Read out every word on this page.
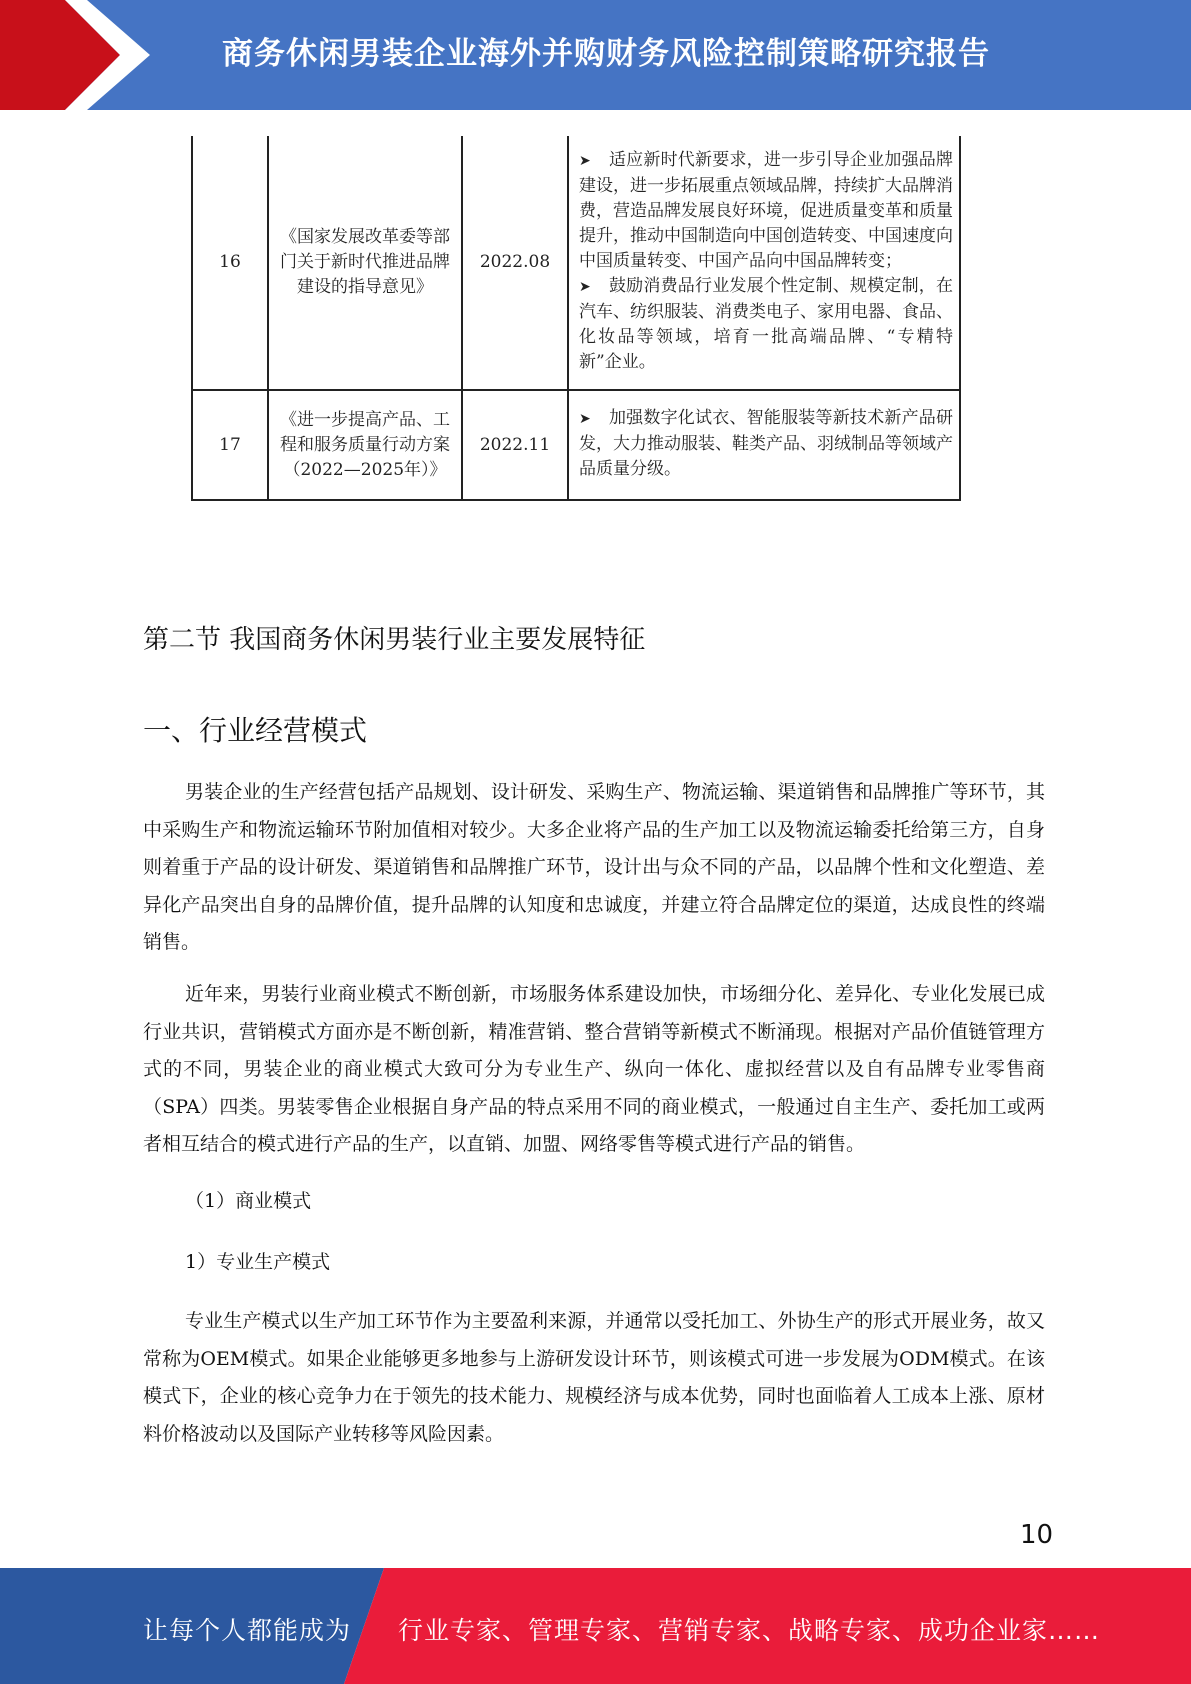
商务休闲男装企业海外并购财务风险控制策略研究报告
16	《国家发展改革委等部门关于新时代推进品牌建设的指导意见》	2022.08	➤ 适应新时代新要求，进一步引导企业加强品牌建设，进一步拓展重点领域品牌，持续扩大品牌消费，营造品牌发展良好环境，促进质量变革和质量提升，推动中国制造向中国创造转变、中国速度向中国质量转变、中国产品向中国品牌转变；

➤ 鼓励消费品行业发展个性定制、规模定制，在汽车、纺织服装、消费类电子、家用电器、食品、化妆品等领域，培育一批高端品牌、“专精特新”企业。

17	《进一步提高产品、工程和服务质量行动方案（2022—2025年）》	2022.11	➤ 加强数字化试衣、智能服装等新技术新产品研发，大力推动服装、鞋类产品、羽绒制品等领域产品质量分级。

第二节 我国商务休闲男装行业主要发展特征
一、行业经营模式

男装企业的生产经营包括产品规划、设计研发、采购生产、物流运输、渠道销售和品牌推广等环节，其中采购生产和物流运输环节附加值相对较少。大多企业将产品的生产加工以及物流运输委托给第三方，自身则着重于产品的设计研发、渠道销售和品牌推广环节，设计出与众不同的产品，以品牌个性和文化塑造、差异化产品突出自身的品牌价值，提升品牌的认知度和忠诚度，并建立符合品牌定位的渠道，达成良性的终端销售。

近年来，男装行业商业模式不断创新，市场服务体系建设加快，市场细分化、差异化、专业化发展已成行业共识，营销模式方面亦是不断创新，精准营销、整合营销等新模式不断涌现。根据对产品价值链管理方式的不同，男装企业的商业模式大致可分为专业生产、纵向一体化、虚拟经营以及自有品牌专业零售商（SPA）四类。男装零售企业根据自身产品的特点采用不同的商业模式，一般通过自主生产、委托加工或两者相互结合的模式进行产品的生产，以直销、加盟、网络零售等模式进行产品的销售。

（1）商业模式
1）专业生产模式

专业生产模式以生产加工环节作为主要盈利来源，并通常以受托加工、外协生产的形式开展业务，故又常称为OEM模式。如果企业能够更多地参与上游研发设计环节，则该模式可进一步发展为ODM模式。在该模式下，企业的核心竞争力在于领先的技术能力、规模经济与成本优势，同时也面临着人工成本上涨、原材料价格波动以及国际产业转移等风险因素。

10
让每个人都能成为 行业专家、管理专家、营销专家、战略专家、成功企业家……
